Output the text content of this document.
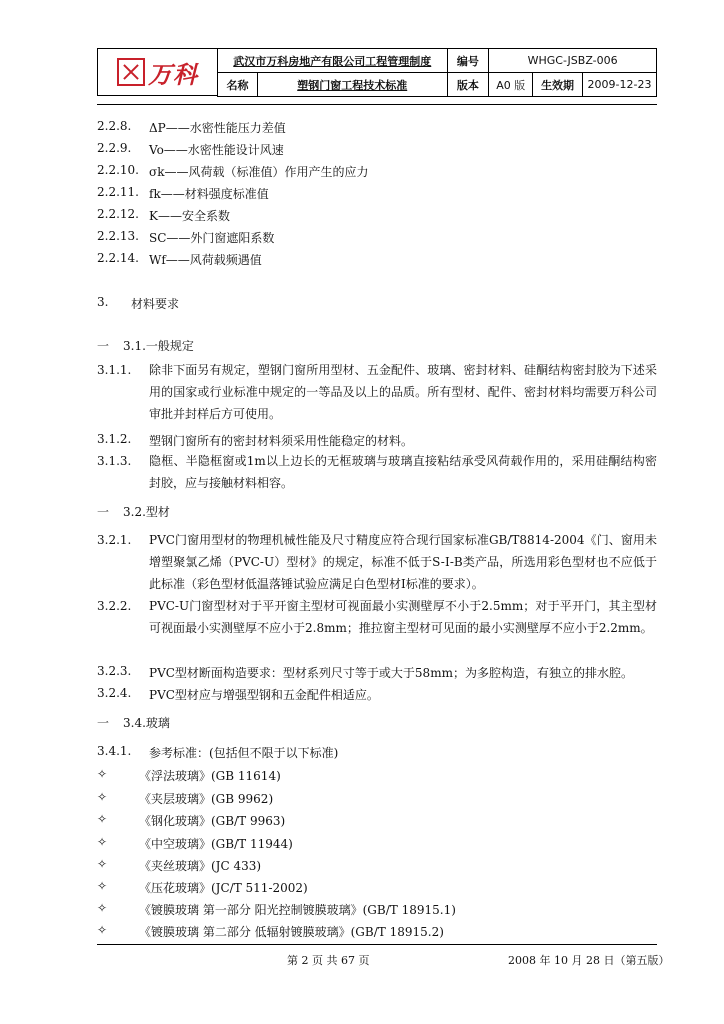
万科	武汉市万科房地产有限公司工程管理制度		编号	WHGC-JSBZ-006		
名称	塑钢门窗工程技术标准	版本	A0 版	生效期	2009-12-23
2.2.8. ΔP——水密性能压力差值
2.2.9. Vo——水密性能设计风速
2.2.10. σk——风荷载（标准值）作用产生的应力
2.2.11. fk——材料强度标准值
2.2.12. K——安全系数
2.2.13. SC——外门窗遮阳系数
2.2.14. Wf——风荷载频遇值
3. 材料要求
一 3.1.一般规定
3.1.1. 除非下面另有规定，塑钢门窗所用型材、五金配件、玻璃、密封材料、硅酮结构密封胶为下述采用的国家或行业标准中规定的一等品及以上的品质。所有型材、配件、密封材料均需要万科公司审批并封样后方可使用。
3.1.2. 塑钢门窗所有的密封材料须采用性能稳定的材料。
3.1.3. 隐框、半隐框窗或1m以上边长的无框玻璃与玻璃直接粘结承受风荷载作用的，采用硅酮结构密封胶，应与接触材料相容。
一 3.2.型材
3.2.1. PVC门窗用型材的物理机械性能及尺寸精度应符合现行国家标准GB/T8814-2004《门、窗用未增塑聚氯乙烯（PVC-U）型材》的规定，标准不低于S-Ⅰ-B类产品，所选用彩色型材也不应低于此标准（彩色型材低温落锤试验应满足白色型材Ⅰ标准的要求）。
3.2.2. PVC-U门窗型材对于平开窗主型材可视面最小实测壁厚不小于2.5mm；对于平开门，其主型材可视面最小实测壁厚不应小于2.8mm；推拉窗主型材可见面的最小实测壁厚不应小于2.2mm。
3.2.3. PVC型材断面构造要求：型材系列尺寸等于或大于58mm；为多腔构造，有独立的排水腔。
3.2.4. PVC型材应与增强型钢和五金配件相适应。
一 3.4.玻璃
3.4.1. 参考标准：(包括但不限于以下标准)
✧	《浮法玻璃》(GB 11614)
✧	《夹层玻璃》(GB 9962)
✧	《钢化玻璃》(GB/T 9963)
✧	《中空玻璃》(GB/T 11944)
✧	《夹丝玻璃》(JC 433)
✧	《压花玻璃》(JC/T 511-2002)
✧	《镀膜玻璃 第一部分 阳光控制镀膜玻璃》(GB/T 18915.1)
✧	《镀膜玻璃 第二部分 低辐射镀膜玻璃》(GB/T 18915.2)
第 2 页 共 67 页	2008 年 10 月 28 日（第五版）
